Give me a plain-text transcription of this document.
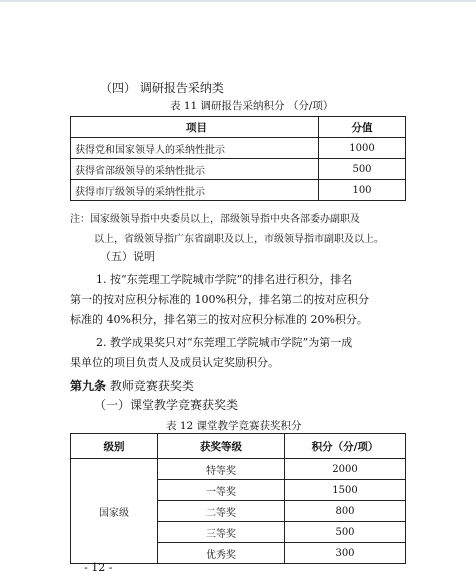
（四） 调研报告采纳类
表 11 调研报告采纳积分 （分/项）
项目	分值
获得党和国家领导人的采纳性批示	1000
获得省部级领导的采纳性批示	500
获得市厅级领导的采纳性批示	100
注：国家级领导指中央委员以上，部级领导指中央各部委办副职及
以上，省级领导指广东省副职及以上，市级领导指市副职及以上。
（五）说明
1. 按“东莞理工学院城市学院”的排名进行积分，排名
第一的按对应积分标准的 100%积分，排名第二的按对应积分
标准的 40%积分，排名第三的按对应积分标准的 20%积分。
2. 教学成果奖只对“东莞理工学院城市学院”为第一成
果单位的项目负责人及成员认定奖励积分。
第九条 教师竞赛获奖类
（一）课堂教学竞赛获奖类
表 12 课堂教学竞赛获奖积分
级别	获奖等级	积分（分/项）
国家级	特等奖	2000
	一等奖	1500
	二等奖	800
	三等奖	500
	优秀奖	300
- 12 -
